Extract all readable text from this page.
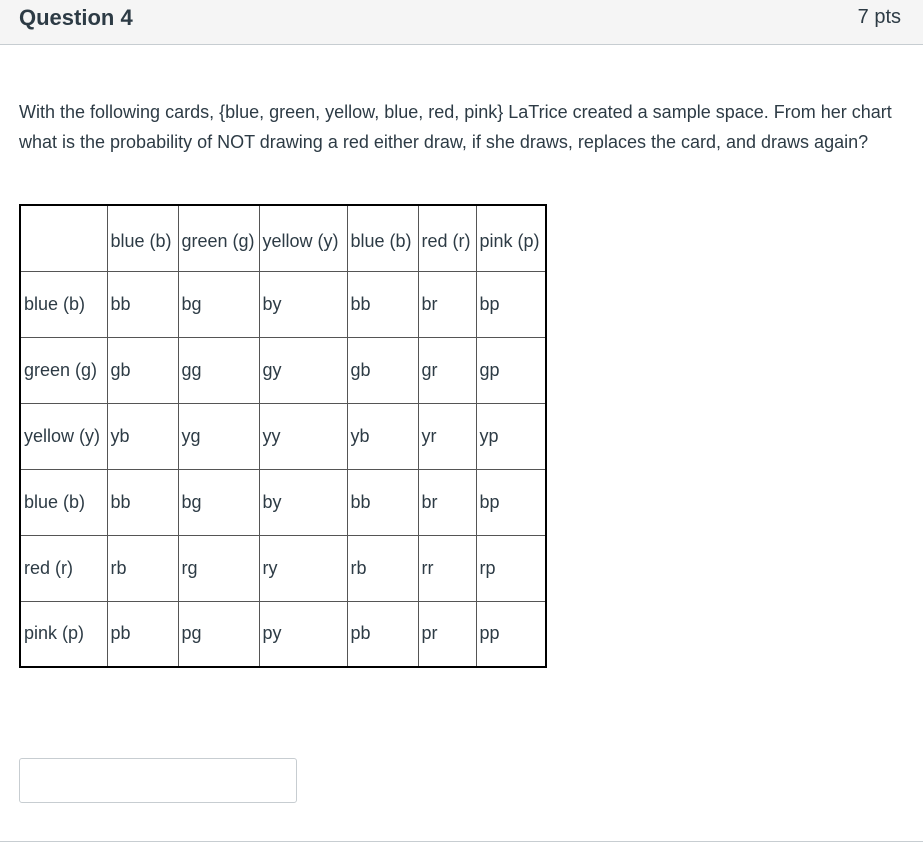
Question 4	7 pts

With the following cards, {blue, green, yellow, blue, red, pink} LaTrice created a sample space. From her chart what is the probability of NOT drawing a red either draw, if she draws, replaces the card, and draws again?

	blue (b)	green (g)	yellow (y)	blue (b)	red (r)	pink (p)
blue (b)	bb	bg	by	bb	br	bp
green (g)	gb	gg	gy	gb	gr	gp
yellow (y)	yb	yg	yy	yb	yr	yp
blue (b)	bb	bg	by	bb	br	bp
red (r)	rb	rg	ry	rb	rr	rp
pink (p)	pb	pg	py	pb	pr	pp
